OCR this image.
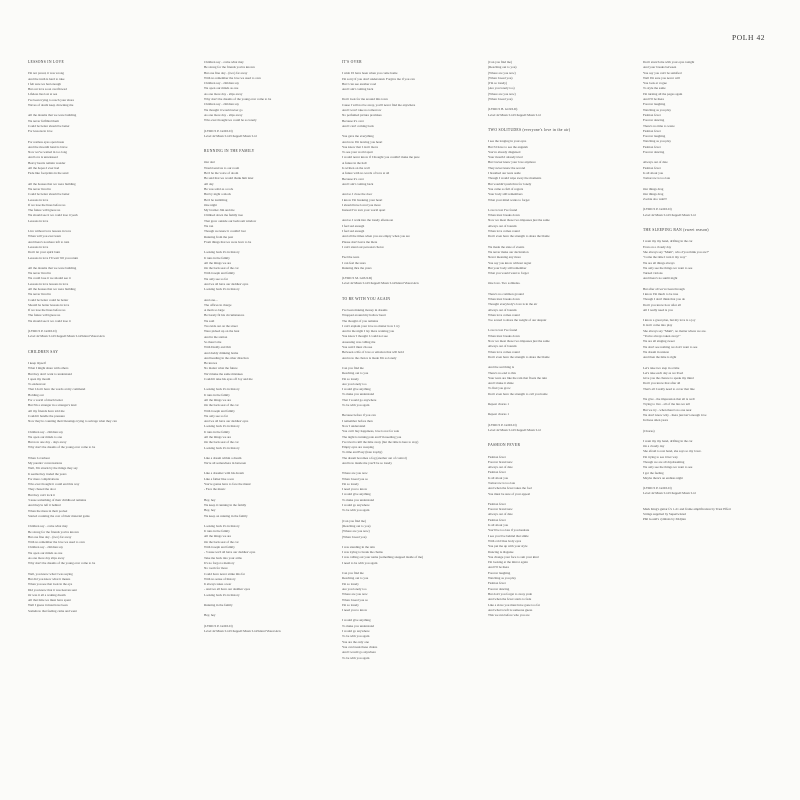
POLH 42
LESSONS IN LOVE
I'm not proud, it was wrong
And the truth is hard to take
I felt sure we had enough
But our love soon overflowed
Lifeless lies lost at sea
I've been trying to reach your shore
Waves of doubt keep drowning me
All the dreams that we were building
We never fulfilled them
Could be better should be better
For lessons in love
For restless eyes open haste
And the moonlit hand is brave
Now we've waited in too long
And love is unreleased
Heavy hearts remain wonder
All the hopes I ever had
Fade like footprints in the sand
All the houses that we were building
We never lived in
Could be better should be better
Lessons in love
If we lose the lines before us
The future will ignore us
We should see it we could lose it yeah
Lessons in love
Live without love lessons in love
When will you ever learn
And there's nowhere left to turn
Lessons in love
Don't let your spirit burn
Lessons in love I'll wait 'till you return
All the dreams that we were building
We never lived in
We could lose it we should see it
Lessons in love lessons in love
All the houses that we were building
We never lived in
Could be better could be better
Should be better lessons in love
If we lose the lines before us
The future will ignore us
We should see it we could lose it
(LYRICS P. GOULD)
Level 42 Music Ltd/Chappell Music Ltd/Island Visual Arts
CHILDREN SAY
I keep myself
What I might share with others
But they don't want to understand
I open my mouth
To endeavour
That I don't have the words at my command
Holding out
For a world of much better
But I'm a stranger in a stranger's land
All my friends have told me
Couldn't handle the pressure
Now they're counting their blessings trying to salvage what they can
Children say - children say
We open our minds to one
But now one day - days away
Why don't the dreams of the young ever come to be
When I overhear
My parents' conversations
Well, I'm struck by the things they say
It seems they traded the years
For mere complications
Who ever thought it could end this way
They chased the door
But they can't lock it
'Cause something of their childhood remains
And they're left it behind
When the mess in their pocket
Started counting the cost of their material gains
Children say - come what may
Be strong for the friends you've known
But one fine day - (two) far away
With no remember the love we used to own
Children say - children say
We open our minds as one
As one more day slips away
Why don't the dreams of the young ever come to be
Well, you know what I was saying
But did you know what it means
When you see that look in the eye
Did you know that it was heaven sent
Or was it all a waking dream
All that time we must have spent
Well I guess it must have been
Somehow that feeling came and went
Children say - come what may
Be strong for the friends you've known
But one fine day - (two) far away
With no remember the love we used to own
Children say - children say
We open our minds as one
As one more day - slips away
Why don't the dreams of the young ever come to be
Children say - children say
We thought it would never go
As one more day - slips away
Who ever thought we could be so lonely
(LYRICS P. GOULD)
Level 42 Music Ltd/Chappell Music Ltd
RUNNING IN THE FAMILY
Our dad
Would send us to our room
He'd be the voice of doom
He said that we would thank him later
All day
He was solid as a rock
But by night a shock
He'd be trembling
One night
My brother Jim and me
Climbed down the family tree
That grew outside our bedroom window
We ran
Though we knew it couldn't last
Running from the past
From things that we were born to be
Looking back it's in history
It runs in the family
All the things we are
On the back seat of the car
With Joseph and family
We only see so far
And we all have our daddies' eyes
Looking back it's in history
And one...
The offices in charge
A mom so large
He barely fit his circumstances
We said
Two kids out on the street
Were picked up on the beat
And in the station
So there's me
With Daddy and Jim
And daddy drinking home
And heading in the other direction
He knows
No matter what the future
We'd make the same mistakes
Couldn't take his eyes off Joy and me
Looking back it's in history
It runs in the family
All the things we are
On the back seat of the car
With Joseph and family
We only see so far
And we all have our daddies' eyes
Looking back it's in history
It runs in the family
All the things we are
On the back seat of the car
Looking back it's in history
Like a dream within a dream
We're all somewhere in between
Like a dreamer with his dream
Like a father like a son
You're gonna have to face the music
- Face the music
Hey, hey
We keep it running in the family
Hey, hey
We keep on running in the family
Looking back it's in history
It runs in the family
All the things we are
On the back seat of the car
With Joseph and family
- 'Cause we'd all have our daddies' eyes
Take me back into your arms
It's no forgot a memory
No room for more
Could have never strike this far
With no sense of history
It always takes a tear
- And we all have our daddies' eyes
Looking back it's in history
Running in the family
Hey, hey
(LYRICS P. GOULD)
Level 42 Music Ltd/Chappell Music Ltd/Island Visual Arts
IT'S OVER
I wish I'd have been when you come home
I'm sorry if you don't understand. Forgive me if you can
But I can see another road
And I ain't coming back
Don't look for me around this town
Cause I will not be away, you'll never find me anywhere
And I won't take no tomorrow
No perfumed picture promises
Because it's over
And I can't coming back
You gave me everything
And now I'm leaving you heart
You know that I don't move
To see your world apart
I would never know if I thought you couldn't make me pure
A future in the hall
Is written on the wall
A future with no words of love at all
Because it's over
And I ain't coming back
And so I close the door
I know I'm breaking your heart
I should have loved you more
Instead I've torn your world apart
And so I walk into the lonely afternoon
I feel sad enough
I feel sad enough
And all the times when you are empty when you are
Please don't leave me there
I can't stand our personal choice
Feel the tears
I can feel the tears
Running thru the years
(LYRICS M. GOULD)
Level 42 Music Ltd/Chappell Music Ltd/Island Visual Arts
TO BE WITH YOU AGAIN
I've been making money in dreams
Wrapped around my hollow heart
The thought of you remains
I can't explain your love no matter how I cry
And in the night I lay there wanting you
You know I thought I could not see
Assessing was calling me
You said I must choose
Between a life of love or emotion that will hold
And now the choice is made I'm so lonely
Can you find me
Reaching out to you
I'm so lonely
Are you lonely too
I would give anything
To make you understand
That I would go anywhere
To be with you again
Because before if you can
I remember before then
Now I understand
You can't buy happiness, love is not for sale
The night is turning pale and I'm needing you
I've tried to kill the time away (but the time is here to stay)
Empty eyes are weeping
To time and Easy (hate trophy)
The dream becomes a fog (another out of control)
And how inside me you'll be so lonely
Where are you now
When I need you so
I'm so lonely
I need you to know
I would give anything
To make you understand
I would go anywhere
To be with you again
(Can you find me)
(Reaching out to you)
(Where are you now)
(When I need you)
I was standing in the rain
I was trying to break the chains
I was calling out your name (something snapped inside of me)
I need to be with you again
Can you find me
Reaching out to you
I'm so lonely
Are you lonely too
Where are you now
When I need you so
I'm so lonely
I need you to know
I would give anything
To make you understand
I would go anywhere
To be with you again
You are the only one
You can break these chains
And I would go anywhere
To be with you again
(Can you find me)
(Reaching out to you)
(Where are you now)
(When I need you)
(I'm so lonely)
(Are you lonely too)
(Where are you now)
(When I need you)
(LYRICS B. GOULD)
Level 42 Music Ltd/Chappell Music Ltd
TWO SOLITUDES (everyone's love in the air)
I see the longing in your eyes
But I'd have to see the anguish
You've already disguised
Your mouth I already tried
But I never knew your love anymore
They never knew the second
I breathed our tears aside
Though I would wipe away the moments
But wouldn't push thru for lonely
You came so full of regrets
Your body still remembers
What your mind wants to forget
Love is lost I've found
When trust breaks down
Now we meet those two impasses just the same
Always out of bounds
When love comes round
Don't even have the strength to share the blame
We made the state of events
We never make our declaration
Never meaning any more
You say you know without regret
But your body still remember
What you would want to forget
One love. Two solitudes.
There's no common ground
When trust breaks down
Thought everybody's love is in the air
Always out of bounds
When love comes round
Too scared to share the weight of our despair
Love is lost I've found
When trust breaks down
Now we meet those two impasses just the same
Always out of bounds
When love comes round
Don't even have the strength to share the blame
And the sad thing is
There's no end to this
Your tears are like the rain that floats the ruin
And I make it shine
To find you grow
Don't even have the strength to call you home
Repeat chorus 1
Repeat chorus 1
(LYRICS P. GOULD)
Level 42 Music Ltd/Chappell Music Ltd
FASHION FEVER
Fashion fever
Forever brand new
Always out of date
Fashion fever
Is all about you
Tomorrow is too late
And when the fever takes the fool
You must be sure of your appeal
Fashion fever
Forever brand new
Always out of date
Fashion fever
Is all about you
You'll be too late if you hesitate
I see you live behind that smile
With cold blue body eyes
You put me up with your style
Dancing is disguise
You change your face to suit your kind
I'm looking at the mirror again
And I'll be there
Forever laughing
Watching as you play
Fashion fever
Forever dancing
But don't you forget to away yeah
And when the fever starts to fade
Like a slave you must have gone too far
And what is left is someone guess
This we run before who you are
Don't stretch me with your eyes tonight
And your breaks between
You say you can't be satisfied
Well I'm sure you never will
You look at vogue
To style the same
I'm turning all the pages again
And I'll be there
Forever laughing
Watching as you play
Fashion fever
Forever dancing
There's no time to waste
Fashion fever
Forever laughing
Watching as you play
Fashion fever
Forever dancing
Always out of date
Fashion fever
Is all about you
Tomorrow is too late
Our things drag
Our things drag
Zoobie doo wah!!!
(LYRICS P. GOULD)
Level 42 Music Ltd/Chappell Music Ltd
THE SLEEPING BAN (sweet reason)
I want my my hand, drifting in the car
Even on a cloudy day
She always say "Mum", who d'you think you are?"
"Come the time I turn it my way"
We are all things always
We only see the things we want to see
Turned violons
And there's no sunlit night
But after all we've been through
I know I'm much to be true
Though I don't think that you do
Don't you know how after all
All I really need is you
I know a great plan, but my love is a joy
It don't come into play
She always say "Mum", no matter where we are.
"You're always taken away!"
We are all singing sweet
We don't see nothing we don't want to see
We dream in unison
And then the time is right
Let's take two step in a time
Let's take each day as we lived
Give you the chance to speak my mind
Don't you know that after all
That's all I really need to cover that line
We give - the impression that all is well
Trying to live - all of the lies we tell
But we try - when there's no one near
We don't know why - there just isn't enough love
In these alien years
(Chorus)
I want my my hand, drifting in the car
On a cloudy day
She afraid to rest hand, she says so my lover.
I'm trying to see it her way
Though we are all daydreaming
We only see the things we want to see
I got the feeling
Maybe there's an endless night
(LYRICS P. GOULD)
Level 42 Music Ltd/Chappell Music Ltd
Mark King's guitar f/x 1-21 and frame amplification by Trust Effect
Strings supplied by Supertwisted
Phil Gould's cymbals by Zildjian
